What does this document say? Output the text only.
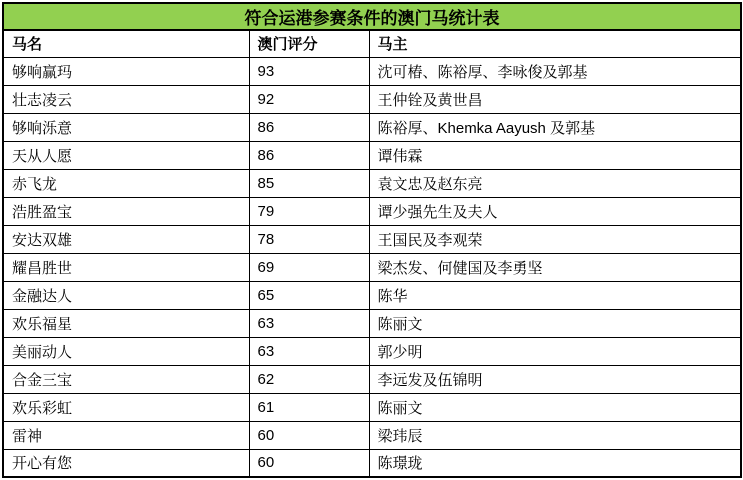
符合运港参赛条件的澳门马统计表		
马名	澳门评分	马主
够响赢玛	93	沈可椿、陈裕厚、李咏俊及郭基
壮志凌云	92	王仲铨及黄世昌
够响泺意	86	陈裕厚、Khemka Aayush 及郭基
天从人愿	86	谭伟霖
赤飞龙	85	袁文忠及赵东亮
浩胜盈宝	79	谭少强先生及夫人
安达双雄	78	王国民及李观荣
耀昌胜世	69	梁杰发、何健国及李勇坚
金融达人	65	陈华
欢乐福星	63	陈丽文
美丽动人	63	郭少明
合金三宝	62	李远发及伍锦明
欢乐彩虹	61	陈丽文
雷神	60	梁玮辰
开心有您	60	陈璟珑
